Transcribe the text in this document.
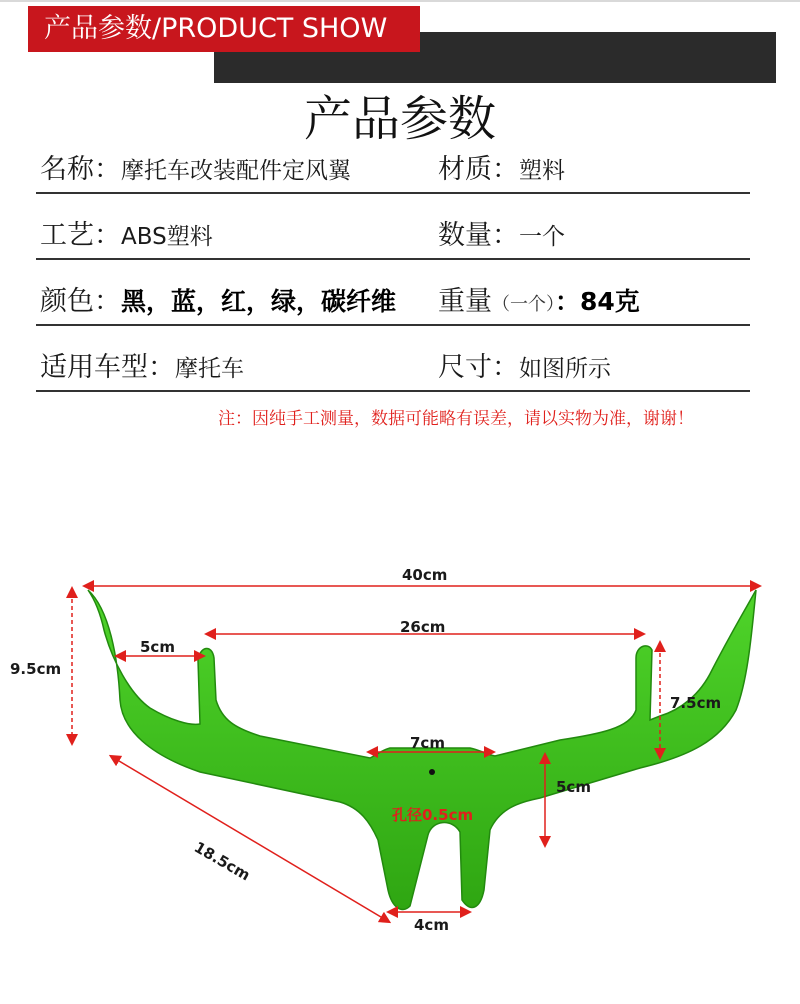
产品参数/PRODUCT SHOW
产品参数
名称：摩托车改装配件定风翼	材质：塑料
工艺：ABS塑料	数量：一个
颜色：黑，蓝，红，绿，碳纤维 重量（一个）：84克
适用车型：摩托车	尺寸：如图所示
注：因纯手工测量，数据可能略有误差，请以实物为准，谢谢！
40cm
26cm
5cm
9.5cm
7.5cm
7cm
5cm
孔径0.5cm
18.5cm
4cm
